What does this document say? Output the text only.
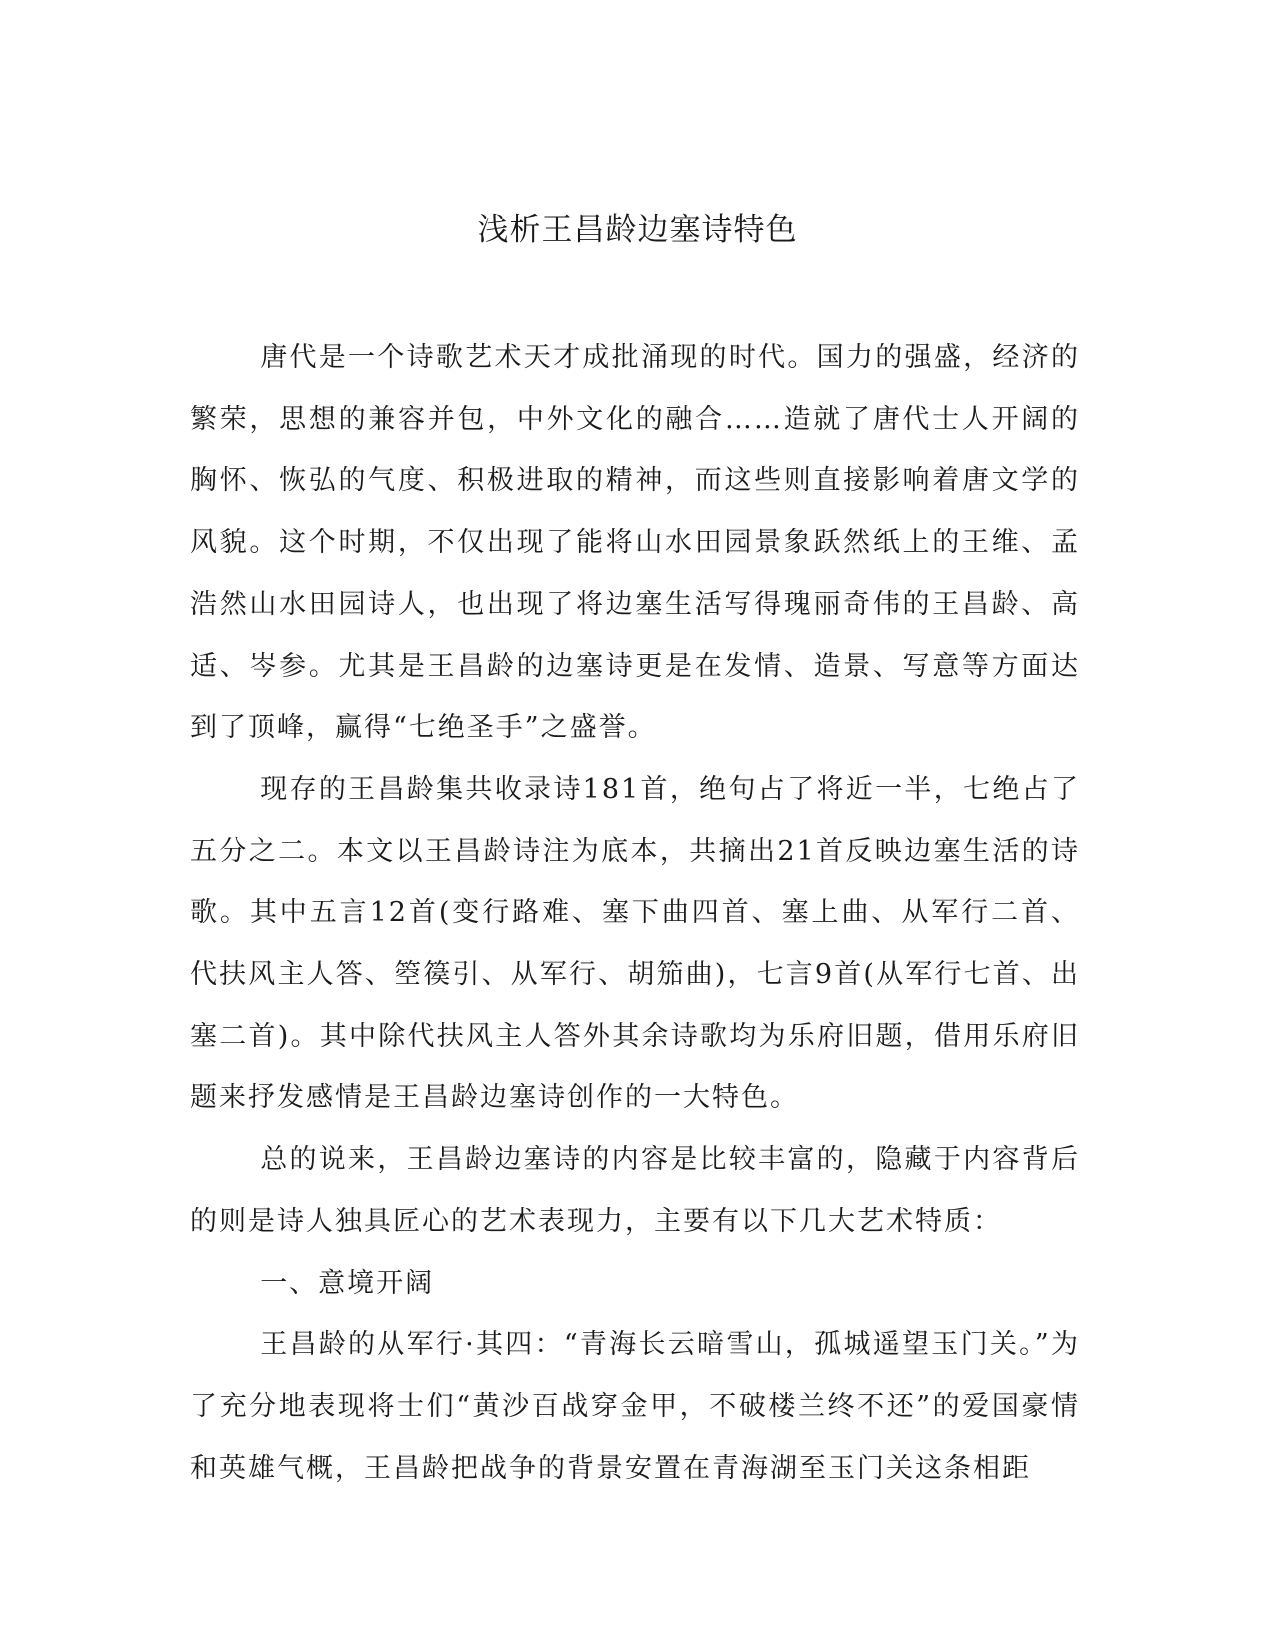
浅析王昌龄边塞诗特色

唐代是一个诗歌艺术天才成批涌现的时代。国力的强盛，经济的繁荣，思想的兼容并包，中外文化的融合……造就了唐代士人开阔的胸怀、恢弘的气度、积极进取的精神，而这些则直接影响着唐文学的风貌。这个时期，不仅出现了能将山水田园景象跃然纸上的王维、孟浩然山水田园诗人，也出现了将边塞生活写得瑰丽奇伟的王昌龄、高适、岑参。尤其是王昌龄的边塞诗更是在发情、造景、写意等方面达到了顶峰，赢得“七绝圣手”之盛誉。

现存的王昌龄集共收录诗181首，绝句占了将近一半，七绝占了五分之二。本文以王昌龄诗注为底本，共摘出21首反映边塞生活的诗歌。其中五言12首(变行路难、塞下曲四首、塞上曲、从军行二首、代扶风主人答、箜篌引、从军行、胡笳曲)，七言9首(从军行七首、出塞二首)。其中除代扶风主人答外其余诗歌均为乐府旧题，借用乐府旧题来抒发感情是王昌龄边塞诗创作的一大特色。

总的说来，王昌龄边塞诗的内容是比较丰富的，隐藏于内容背后的则是诗人独具匠心的艺术表现力，主要有以下几大艺术特质：

一、意境开阔

王昌龄的从军行·其四：“青海长云暗雪山，孤城遥望玉门关。”为了充分地表现将士们“黄沙百战穿金甲，不破楼兰终不还”的爱国豪情和英雄气概，王昌龄把战争的背景安置在青海湖至玉门关这条相距
